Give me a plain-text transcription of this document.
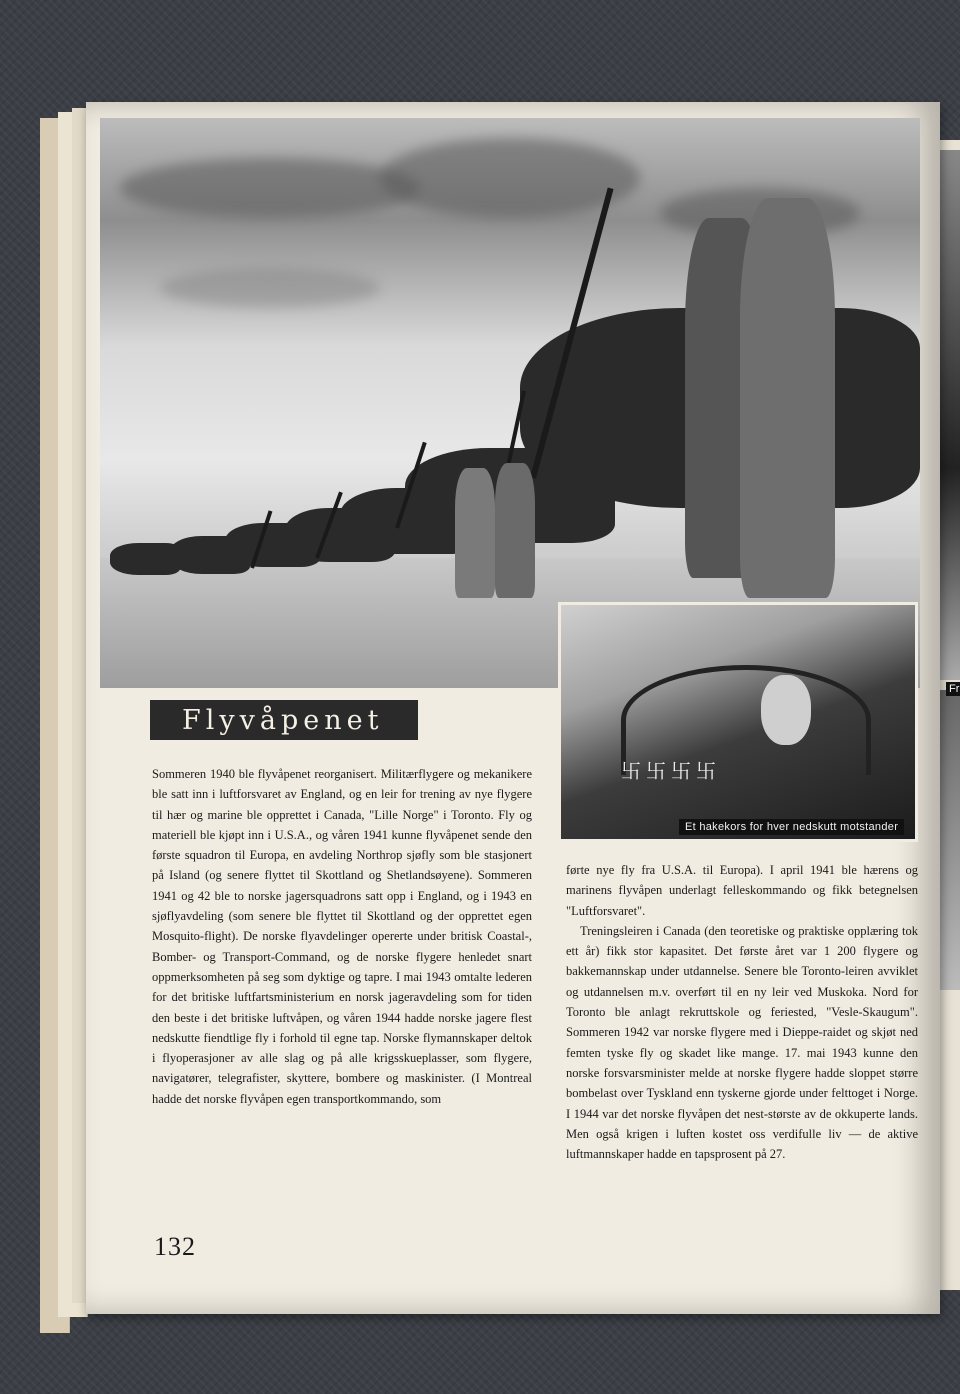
Fr
卐 卐 卐 卐
Et hakekors for hver nedskutt motstander
Flyvåpenet

Sommeren 1940 ble flyvåpenet reorganisert. Militærflygere og mekanikere ble satt inn i luftforsvaret av England, og en leir for trening av nye flygere til hær og marine ble opprettet i Canada, "Lille Norge" i Toronto. Fly og materiell ble kjøpt inn i U.S.A., og våren 1941 kunne flyvåpenet sende den første squadron til Europa, en avdeling Northrop sjøfly som ble stasjonert på Island (og senere flyttet til Skottland og Shetlandsøyene). Sommeren 1941 og 42 ble to norske jagersquadrons satt opp i England, og i 1943 en sjøflyavdeling (som senere ble flyttet til Skottland og der opprettet egen Mosquito-flight). De norske flyavdelinger opererte under britisk Coastal-, Bomber- og Transport-Command, og de norske flygere henledet snart oppmerksomheten på seg som dyktige og tapre. I mai 1943 omtalte lederen for det britiske luftfartsministerium en norsk jageravdeling som for tiden den beste i det britiske luftvåpen, og våren 1944 hadde norske jagere flest nedskutte fiendtlige fly i forhold til egne tap. Norske flymannskaper deltok i flyoperasjoner av alle slag og på alle krigsskueplasser, som flygere, navigatører, telegrafister, skyttere, bombere og maskinister. (I Montreal hadde det norske flyvåpen egen transportkommando, som

førte nye fly fra U.S.A. til Europa). I april 1941 ble hærens og marinens flyvåpen underlagt felleskommando og fikk betegnelsen "Luftforsvaret".

Treningsleiren i Canada (den teoretiske og praktiske opplæring tok ett år) fikk stor kapasitet. Det første året var 1 200 flygere og bakkemannskap under utdannelse. Senere ble Toronto-leiren avviklet og utdannelsen m.v. overført til en ny leir ved Muskoka. Nord for Toronto ble anlagt rekruttskole og feriested, "Vesle-Skaugum". Sommeren 1942 var norske flygere med i Dieppe-raidet og skjøt ned femten tyske fly og skadet like mange. 17. mai 1943 kunne den norske forsvarsminister melde at norske flygere hadde sloppet større bombelast over Tyskland enn tyskerne gjorde under felttoget i Norge. I 1944 var det norske flyvåpen det nest-største av de okkuperte lands. Men også krigen i luften kostet oss verdifulle liv — de aktive luftmannskaper hadde en tapsprosent på 27.

132
